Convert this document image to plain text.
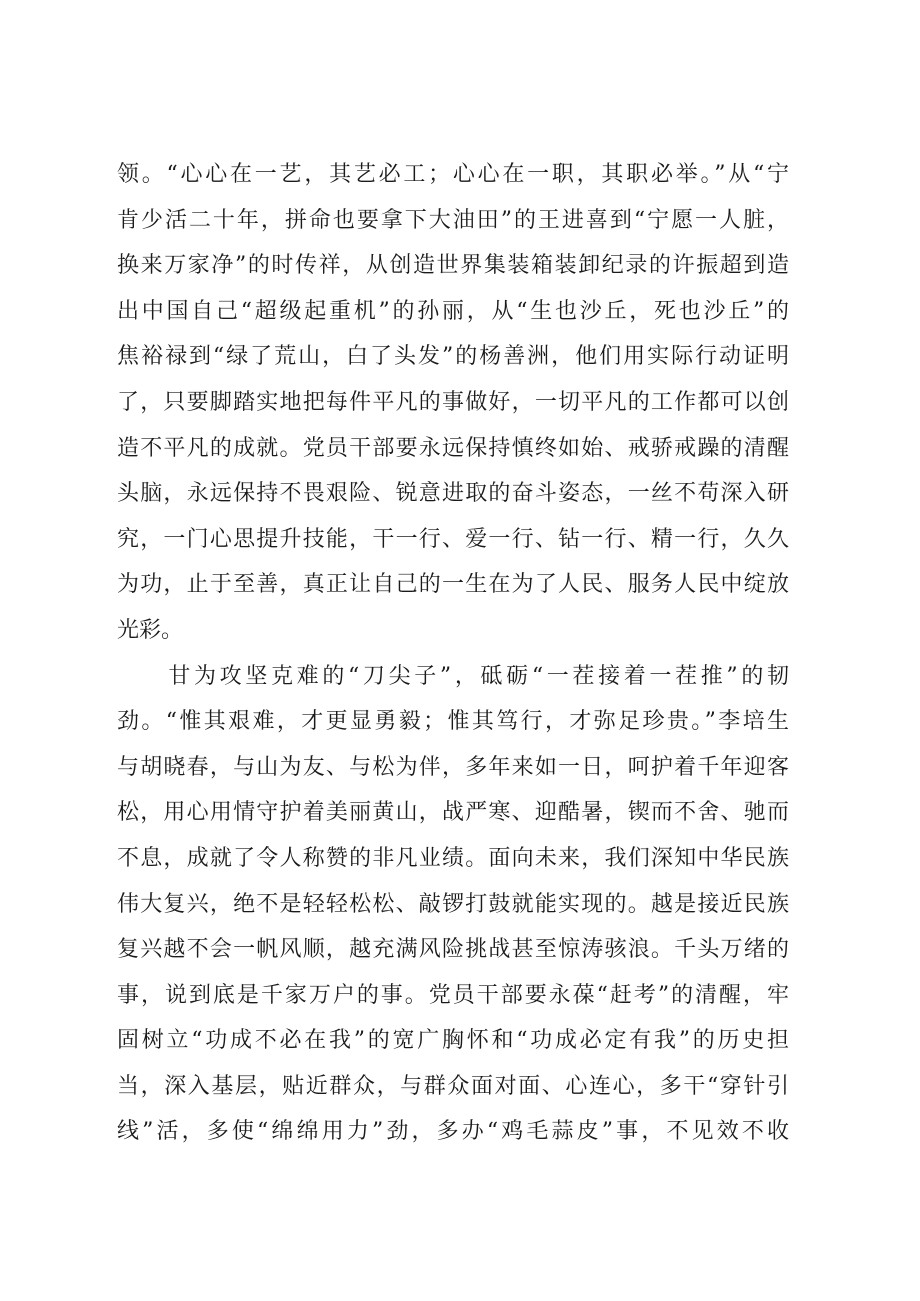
领。“心心在一艺，其艺必工；心心在一职，其职必举。”从“宁
肯少活二十年，拼命也要拿下大油田”的王进喜到“宁愿一人脏，
换来万家净”的时传祥，从创造世界集装箱装卸纪录的许振超到造
出中国自己“超级起重机”的孙丽，从“生也沙丘，死也沙丘”的
焦裕禄到“绿了荒山，白了头发”的杨善洲，他们用实际行动证明
了，只要脚踏实地把每件平凡的事做好，一切平凡的工作都可以创
造不平凡的成就。党员干部要永远保持慎终如始、戒骄戒躁的清醒
头脑，永远保持不畏艰险、锐意进取的奋斗姿态，一丝不苟深入研
究，一门心思提升技能，干一行、爱一行、钻一行、精一行，久久
为功，止于至善，真正让自己的一生在为了人民、服务人民中绽放
光彩。
　　甘为攻坚克难的“刀尖子”，砥砺“一茬接着一茬推”的韧
劲。“惟其艰难，才更显勇毅；惟其笃行，才弥足珍贵。”李培生
与胡晓春，与山为友、与松为伴，多年来如一日，呵护着千年迎客
松，用心用情守护着美丽黄山，战严寒、迎酷暑，锲而不舍、驰而
不息，成就了令人称赞的非凡业绩。面向未来，我们深知中华民族
伟大复兴，绝不是轻轻松松、敲锣打鼓就能实现的。越是接近民族
复兴越不会一帆风顺，越充满风险挑战甚至惊涛骇浪。千头万绪的
事，说到底是千家万户的事。党员干部要永葆“赶考”的清醒，牢
固树立“功成不必在我”的宽广胸怀和“功成必定有我”的历史担
当，深入基层，贴近群众，与群众面对面、心连心，多干“穿针引
线”活，多使“绵绵用力”劲，多办“鸡毛蒜皮”事，不见效不收
